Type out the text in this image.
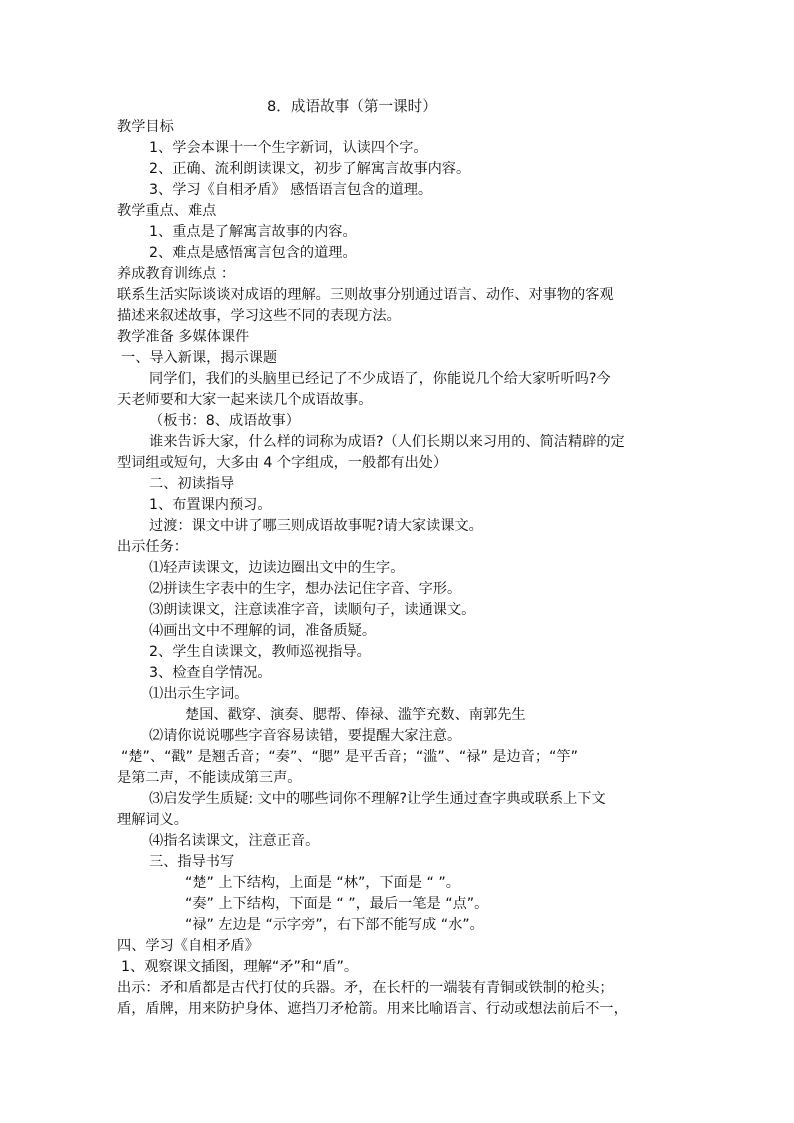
8．成语故事（第一课时）
教学目标
1、学会本课十一个生字新词，认读四个字。
2、正确、流利朗读课文，初步了解寓言故事内容。
3、学习《自相矛盾》 感悟语言包含的道理。
教学重点、难点
1、重点是了解寓言故事的内容。
2、难点是感悟寓言包含的道理。
养成教育训练点 ：
联系生活实际谈谈对成语的理解。三则故事分别通过语言、动作、对事物的客观
描述来叙述故事，学习这些不同的表现方法。
教学准备 多媒体课件
一、导入新课，揭示课题
同学们，我们的头脑里已经记了不少成语了，你能说几个给大家听听吗?今
天老师要和大家一起来读几个成语故事。
（板书：8、成语故事）
谁来告诉大家，什么样的词称为成语?（人们长期以来习用的、简洁精辟的定
型词组或短句，大多由 4 个字组成，一般都有出处）
二、初读指导
1、布置课内预习。
过渡：课文中讲了哪三则成语故事呢?请大家读课文。
出示任务：
⑴轻声读课文，边读边圈出文中的生字。
⑵拼读生字表中的生字，想办法记住字音、字形。
⑶朗读课文，注意读准字音，读顺句子，读通课文。
⑷画出文中不理解的词，准备质疑。
2、学生自读课文，教师巡视指导。
3、检查自学情况。
⑴出示生字词。
楚国、戳穿、演奏、腮帮、俸禄、滥竽充数、南郭先生
⑵请你说说哪些字音容易读错，要提醒大家注意。
“楚”、“戳” 是翘舌音；“奏”、“腮” 是平舌音；“滥”、“禄” 是边音；“竽”
是第二声，不能读成第三声。
⑶启发学生质疑: 文中的哪些词你不理解?让学生通过查字典或联系上下文
理解词义。
⑷指名读课文，注意正音。
三、指导书写
“楚” 上下结构，上面是 “林”，下面是 “ ”。
“奏” 上下结构，下面是 “ ”，最后一笔是 “点”。
“禄” 左边是 “示字旁”，右下部不能写成 “水”。
四、学习《自相矛盾》
1、观察课文插图，理解“矛”和“盾”。
出示：矛和盾都是古代打仗的兵器。矛，在长杆的一端装有青铜或铁制的枪头；
盾，盾牌，用来防护身体、遮挡刀矛枪箭。用来比喻语言、行动或想法前后不一，
